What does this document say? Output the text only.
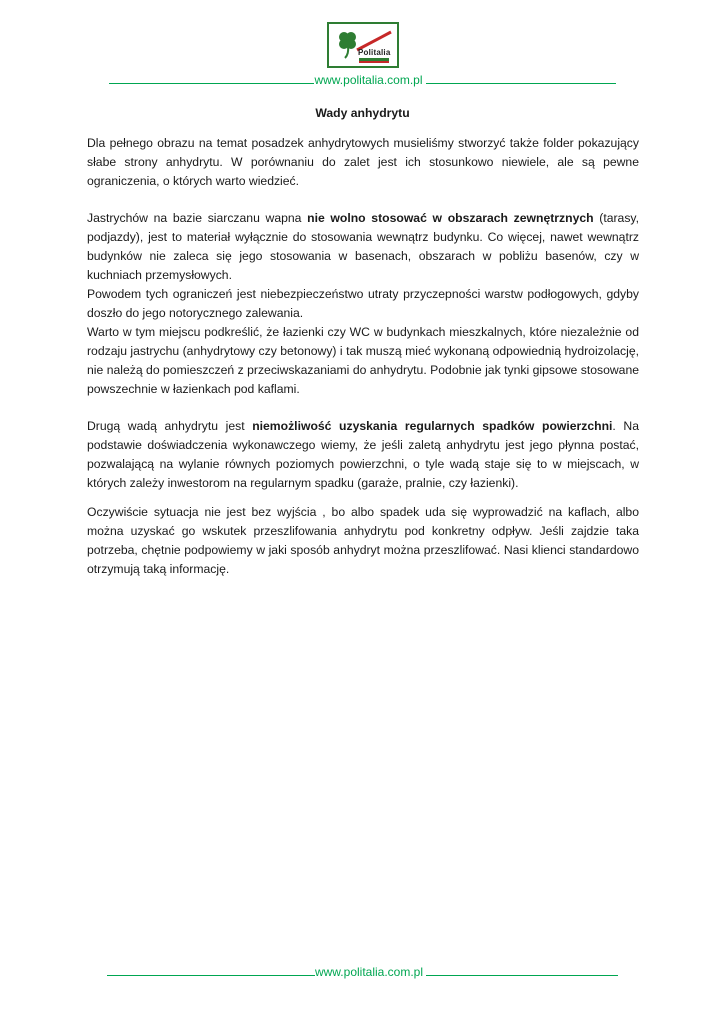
Politalia
www.politalia.com.pl
Wady anhydrytu

Dla pełnego obrazu na temat posadzek anhydrytowych musieliśmy stworzyć także folder pokazujący słabe strony anhydrytu. W porównaniu do zalet jest ich stosunkowo niewiele, ale są pewne ograniczenia, o których warto wiedzieć.

Jastrychów na bazie siarczanu wapna nie wolno stosować w obszarach zewnętrznych (tarasy, podjazdy), jest to materiał wyłącznie do stosowania wewnątrz budynku. Co więcej, nawet wewnątrz budynków nie zaleca się jego stosowania w basenach, obszarach w pobliżu basenów, czy w kuchniach przemysłowych.

Powodem tych ograniczeń jest niebezpieczeństwo utraty przyczepności warstw podłogowych, gdyby doszło do jego notorycznego zalewania.

Warto w tym miejscu podkreślić, że łazienki czy WC w budynkach mieszkalnych, które niezależnie od rodzaju jastrychu (anhydrytowy czy betonowy) i tak muszą mieć wykonaną odpowiednią hydroizolację, nie należą do pomieszczeń z przeciwskazaniami do anhydrytu. Podobnie jak tynki gipsowe stosowane powszechnie w łazienkach pod kaflami.

Drugą wadą anhydrytu jest niemożliwość uzyskania regularnych spadków powierzchni. Na podstawie doświadczenia wykonawczego wiemy, że jeśli zaletą anhydrytu jest jego płynna postać, pozwalającą na wylanie równych poziomych powierzchni, o tyle wadą staje się to w miejscach, w których zależy inwestorom na regularnym spadku (garaże, pralnie, czy łazienki).

Oczywiście sytuacja nie jest bez wyjścia , bo albo spadek uda się wyprowadzić na kaflach, albo można uzyskać go wskutek przeszlifowania anhydrytu pod konkretny odpływ. Jeśli zajdzie taka potrzeba, chętnie podpowiemy w jaki sposób anhydryt można przeszlifować. Nasi klienci standardowo otrzymują taką informację.

www.politalia.com.pl
